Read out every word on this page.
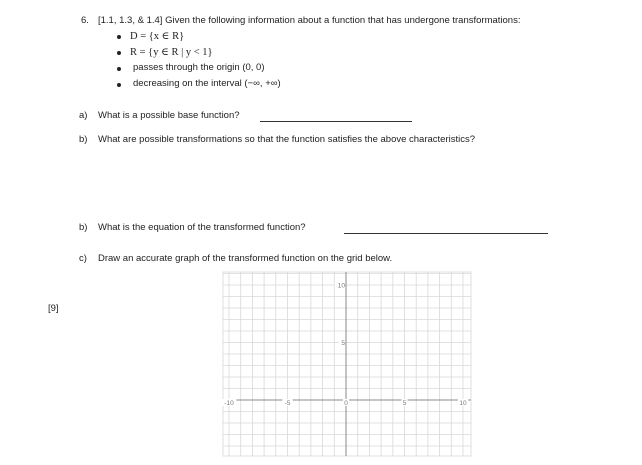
6. [1.1, 1.3, & 1.4] Given the following information about a function that has undergone transformations:
D = {x ∈ R}
R = {y ∈ R | y < 1}
passes through the origin (0, 0)
decreasing on the interval (−∞, +∞)
a) What is a possible base function?
b) What are possible transformations so that the function satisfies the above characteristics?
[9]
b) What is the equation of the transformed function?
c) Draw an accurate graph of the transformed function on the grid below.
-10	-5	0	5	10
10
5
